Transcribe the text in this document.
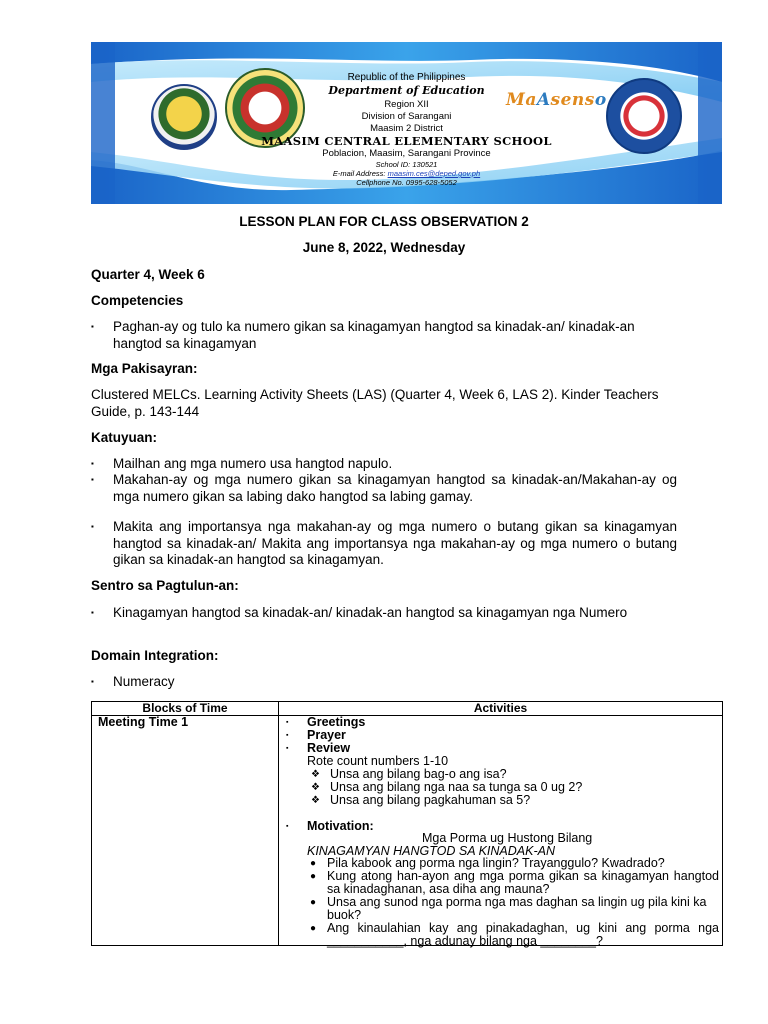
MaAsenso
Republic of the Philippines
Department of Education
Region XII
Division of Sarangani
Maasim 2 District
MAASIM CENTRAL ELEMENTARY SCHOOL
Poblacion, Maasim, Sarangani Province
School ID: 130521
E-mail Address: maasim.ces@deped.gov.ph
Cellphone No. 0995-628-5052
LESSON PLAN FOR CLASS OBSERVATION 2
June 8, 2022, Wednesday
Quarter 4, Week 6
Competencies
▪ Paghan-ay og tulo ka numero gikan sa kinagamyan hangtod sa kinadak-an/ kinadak-an hangtod sa kinagamyan
Mga Pakisayran:
Clustered MELCs. Learning Activity Sheets (LAS) (Quarter 4, Week 6, LAS 2). Kinder Teachers Guide, p. 143-144
Katuyuan:
▪ Mailhan ang mga numero usa hangtod napulo.
▪ Makahan-ay og mga numero gikan sa kinagamyan hangtod sa kinadak-an/Makahan-ay og mga numero gikan sa labing dako hangtod sa labing gamay.
▪ Makita ang importansya nga makahan-ay og mga numero o butang gikan sa kinagamyan hangtod sa kinadak-an/ Makita ang importansya nga makahan-ay og mga numero o butang gikan sa kinadak-an hangtod sa kinagamyan.
Sentro sa Pagtulun-an:
▪ Kinagamyan hangtod sa kinadak-an/ kinadak-an hangtod sa kinagamyan nga Numero
Domain Integration:
▪ Numeracy
Blocks of Time	Activities
Meeting Time 1	▪ Greetings
▪ Prayer
▪ Review
Rote count numbers 1-10
❖ Unsa ang bilang bag-o ang isa?
❖ Unsa ang bilang nga naa sa tunga sa 0 ug 2?
❖ Unsa ang bilang pagkahuman sa 5?
▪ Motivation:
Mga Porma ug Hustong Bilang
KINAGAMYAN HANGTOD SA KINADAK-AN
● Pila kabook ang porma nga lingin? Trayanggulo? Kwadrado?
● Kung atong han-ayon ang mga porma gikan sa kinagamyan hangtod sa kinadaghanan, asa diha ang mauna?
● Unsa ang sunod nga porma nga mas daghan sa lingin ug pila kini ka buok?
● Ang kinaulahian kay ang pinakadaghan, ug kini ang porma nga ___________, nga adunay bilang nga ________?
